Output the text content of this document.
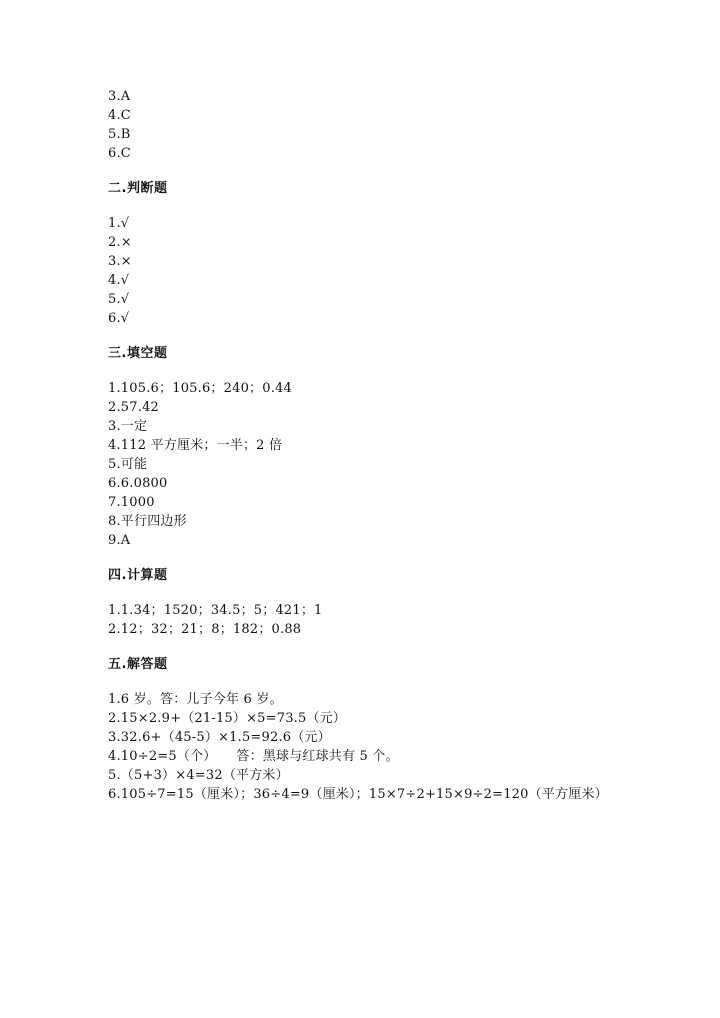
3.A
4.C
5.B
6.C
二.判断题
1.√
2.×
3.×
4.√
5.√
6.√
三.填空题
1.105.6；105.6；240；0.44
2.57.42
3.一定
4.112 平方厘米；一半；2 倍
5.可能
6.6.0800
7.1000
8.平行四边形
9.A
四.计算题
1.1.34；1520；34.5；5；421；1
2.12；32；21；8；182；0.88
五.解答题
1.6 岁。答：儿子今年 6 岁。
2.15×2.9+（21-15）×5=73.5（元）
3.32.6+（45-5）×1.5=92.6（元）
4.10÷2=5（个）　　答：黑球与红球共有 5 个。
5.（5+3）×4=32（平方米）
6.105÷7=15（厘米）；36÷4=9（厘米）；15×7÷2+15×9÷2=120（平方厘米）
